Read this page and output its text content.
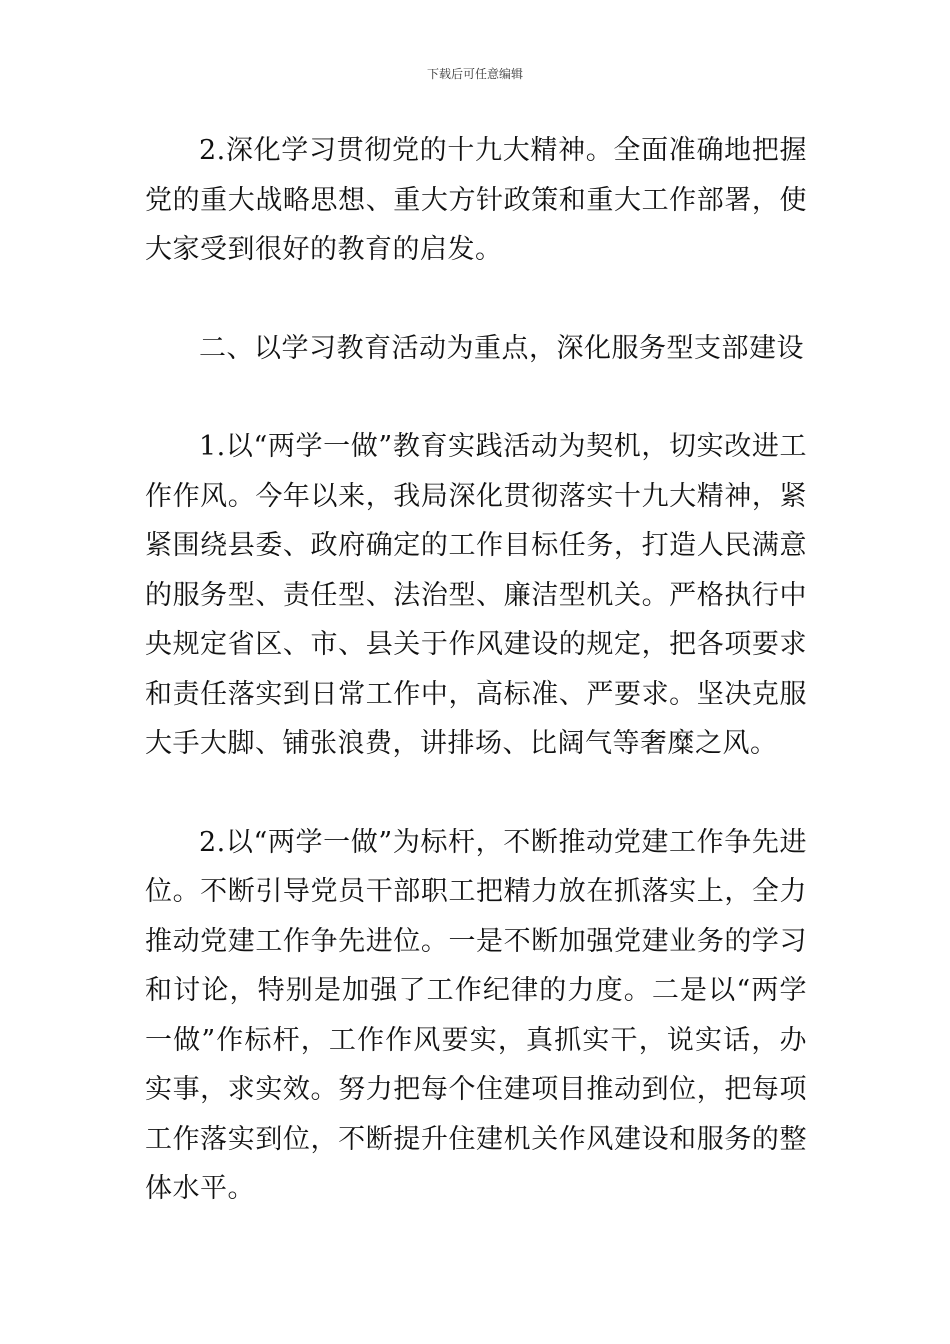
下载后可任意编辑

2.深化学习贯彻党的十九大精神。全面准确地把握党的重大战略思想、重大方针政策和重大工作部署，使大家受到很好的教育的启发。

二、以学习教育活动为重点，深化服务型支部建设

1.以“两学一做”教育实践活动为契机，切实改进工作作风。今年以来，我局深化贯彻落实十九大精神，紧紧围绕县委、政府确定的工作目标任务，打造人民满意的服务型、责任型、法治型、廉洁型机关。严格执行中央规定省区、市、县关于作风建设的规定，把各项要求和责任落实到日常工作中，高标准、严要求。坚决克服大手大脚、铺张浪费，讲排场、比阔气等奢糜之风。

2.以“两学一做”为标杆，不断推动党建工作争先进位。不断引导党员干部职工把精力放在抓落实上，全力推动党建工作争先进位。一是不断加强党建业务的学习和讨论，特别是加强了工作纪律的力度。二是以“两学一做”作标杆，工作作风要实，真抓实干，说实话，办实事，求实效。努力把每个住建项目推动到位，把每项工作落实到位，不断提升住建机关作风建设和服务的整体水平。
